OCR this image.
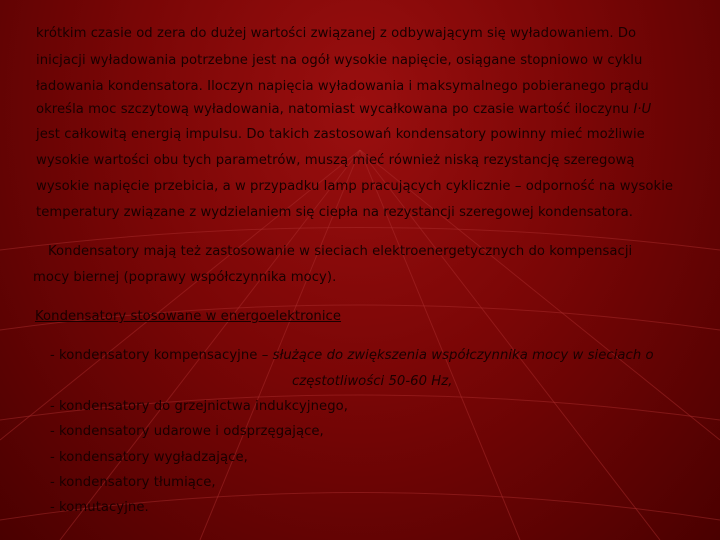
krótkim czasie od zera do dużej wartości związanej z odbywającym się wyładowaniem. Do
inicjacji wyładowania potrzebne jest na ogół wysokie napięcie, osiągane stopniowo w cyklu
ładowania kondensatora. Iloczyn napięcia wyładowania i maksymalnego pobieranego prądu
określa moc szczytową wyładowania, natomiast wycałkowana po czasie wartość iloczynu I·U
jest całkowitą energią impulsu. Do takich zastosowań kondensatory powinny mieć możliwie
wysokie wartości obu tych parametrów, muszą mieć również niską rezystancję szeregową
wysokie napięcie przebicia, a w przypadku lamp pracujących cyklicznie – odporność na wysokie
temperatury związane z wydzielaniem się ciepła na rezystancji szeregowej kondensatora.
Kondensatory mają też zastosowanie w sieciach elektroenergetycznych do kompensacji
mocy biernej (poprawy współczynnika mocy).
Kondensatory stosowane w energoelektronice
- kondensatory kompensacyjne – służące do zwiększenia współczynnika mocy w sieciach o
częstotliwości 50-60 Hz,
- kondensatory do grzejnictwa indukcyjnego,
- kondensatory udarowe i odsprzęgające,
- kondensatory wygładzające,
- kondensatory tłumiące,
- komutacyjne.
